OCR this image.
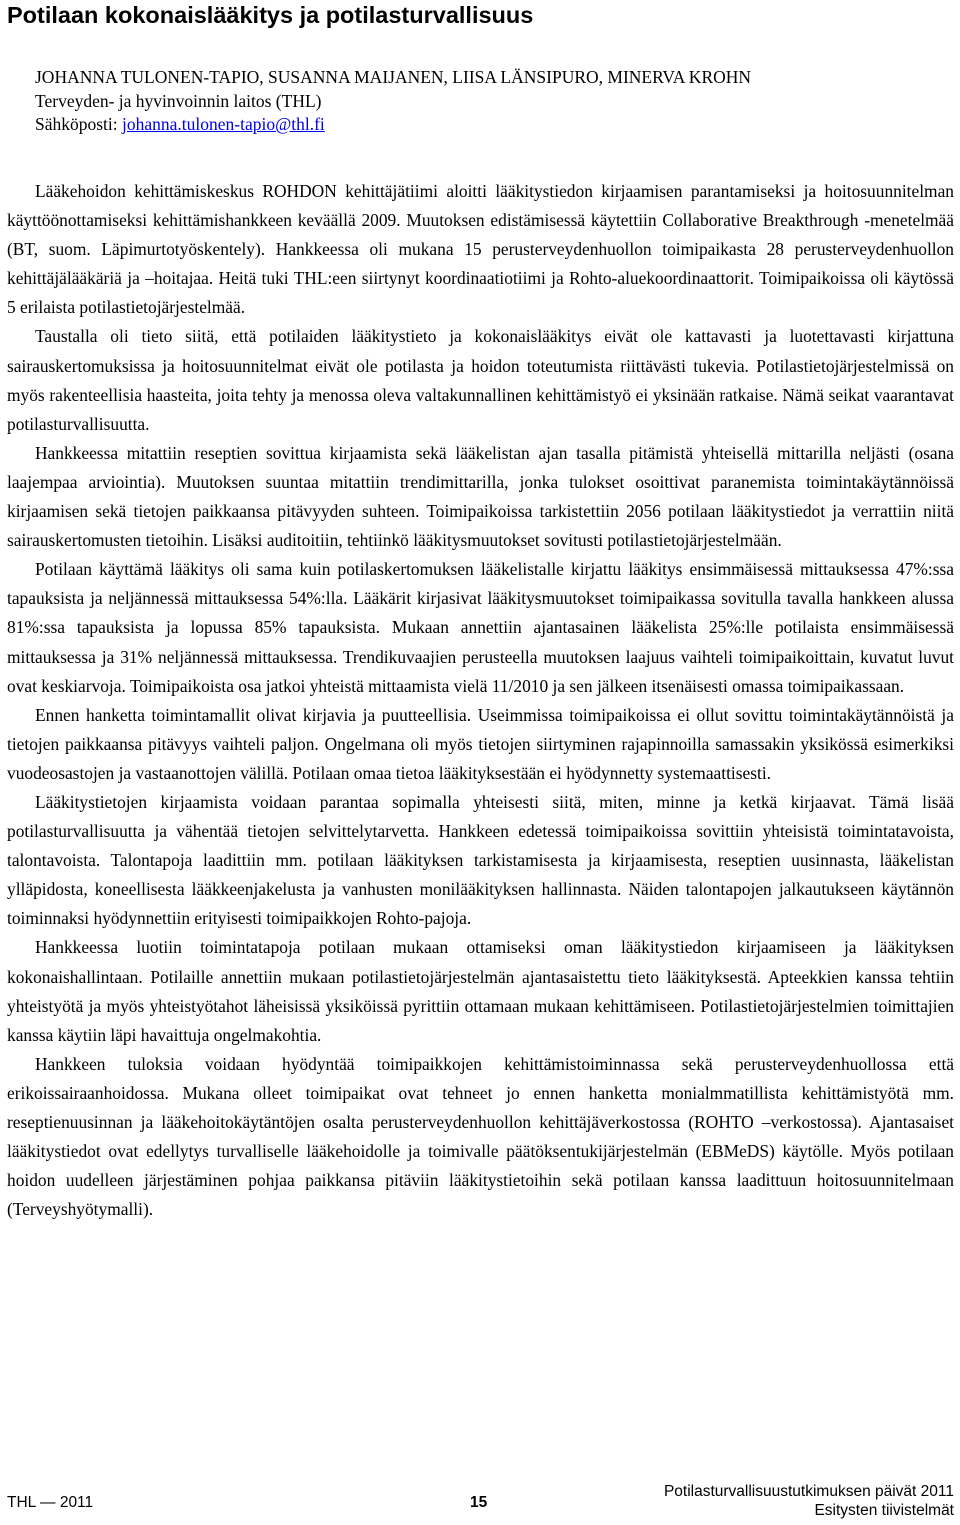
Potilaan kokonaislääkitys ja potilasturvallisuus
JOHANNA TULONEN-TAPIO, SUSANNA MAIJANEN, LIISA LÄNSIPURO, MINERVA KROHN
Terveyden- ja hyvinvoinnin laitos (THL)
Sähköposti: johanna.tulonen-tapio@thl.fi

Lääkehoidon kehittämiskeskus ROHDON kehittäjätiimi aloitti lääkitystiedon kirjaamisen parantamiseksi ja hoitosuunnitelman käyttöönottamiseksi kehittämishankkeen keväällä 2009. Muutoksen edistämisessä käytettiin Collaborative Breakthrough -menetelmää (BT, suom. Läpimurtotyöskentely). Hankkeessa oli mukana 15 perusterveydenhuollon toimipaikasta 28 perusterveydenhuollon kehittäjälääkäriä ja –hoitajaa. Heitä tuki THL:een siirtynyt koordinaatiotiimi ja Rohto-aluekoordinaattorit. Toimipaikoissa oli käytössä 5 erilaista potilastietojärjestelmää.

Taustalla oli tieto siitä, että potilaiden lääkitystieto ja kokonaislääkitys eivät ole kattavasti ja luotettavasti kirjattuna sairauskertomuksissa ja hoitosuunnitelmat eivät ole potilasta ja hoidon toteutumista riittävästi tukevia. Potilastietojärjestelmissä on myös rakenteellisia haasteita, joita tehty ja menossa oleva valtakunnallinen kehittämistyö ei yksinään ratkaise. Nämä seikat vaarantavat potilasturvallisuutta.

Hankkeessa mitattiin reseptien sovittua kirjaamista sekä lääkelistan ajan tasalla pitämistä yhteisellä mittarilla neljästi (osana laajempaa arviointia). Muutoksen suuntaa mitattiin trendimittarilla, jonka tulokset osoittivat paranemista toimintakäytännöissä kirjaamisen sekä tietojen paikkaansa pitävyyden suhteen. Toimipaikoissa tarkistettiin 2056 potilaan lääkitystiedot ja verrattiin niitä sairauskertomusten tietoihin. Lisäksi auditoitiin, tehtiinkö lääkitysmuutokset sovitusti potilastietojärjestelmään.

Potilaan käyttämä lääkitys oli sama kuin potilaskertomuksen lääkelistalle kirjattu lääkitys ensimmäisessä mittauksessa 47%:ssa tapauksista ja neljännessä mittauksessa 54%:lla. Lääkärit kirjasivat lääkitysmuutokset toimipaikassa sovitulla tavalla hankkeen alussa 81%:ssa tapauksista ja lopussa 85% tapauksista. Mukaan annettiin ajantasainen lääkelista 25%:lle potilaista ensimmäisessä mittauksessa ja 31% neljännessä mittauksessa. Trendikuvaajien perusteella muutoksen laajuus vaihteli toimipaikoittain, kuvatut luvut ovat keskiarvoja. Toimipaikoista osa jatkoi yhteistä mittaamista vielä 11/2010 ja sen jälkeen itsenäisesti omassa toimipaikassaan.

Ennen hanketta toimintamallit olivat kirjavia ja puutteellisia. Useimmissa toimipaikoissa ei ollut sovittu toimintakäytännöistä ja tietojen paikkaansa pitävyys vaihteli paljon. Ongelmana oli myös tietojen siirtyminen rajapinnoilla samassakin yksikössä esimerkiksi vuodeosastojen ja vastaanottojen välillä. Potilaan omaa tietoa lääkityksestään ei hyödynnetty systemaattisesti.

Lääkitystietojen kirjaamista voidaan parantaa sopimalla yhteisesti siitä, miten, minne ja ketkä kirjaavat. Tämä lisää potilasturvallisuutta ja vähentää tietojen selvittelytarvetta. Hankkeen edetessä toimipaikoissa sovittiin yhteisistä toimintatavoista, talontavoista. Talontapoja laadittiin mm. potilaan lääkityksen tarkistamisesta ja kirjaamisesta, reseptien uusinnasta, lääkelistan ylläpidosta, koneellisesta lääkkeenjakelusta ja vanhusten monilääkityksen hallinnasta. Näiden talontapojen jalkautukseen käytännön toiminnaksi hyödynnettiin erityisesti toimipaikkojen Rohto-pajoja.

Hankkeessa luotiin toimintatapoja potilaan mukaan ottamiseksi oman lääkitystiedon kirjaamiseen ja lääkityksen kokonaishallintaan. Potilaille annettiin mukaan potilastietojärjestelmän ajantasaistettu tieto lääkityksestä. Apteekkien kanssa tehtiin yhteistyötä ja myös yhteistyötahot läheisissä yksiköissä pyrittiin ottamaan mukaan kehittämiseen. Potilastietojärjestelmien toimittajien kanssa käytiin läpi havaittuja ongelmakohtia.

Hankkeen tuloksia voidaan hyödyntää toimipaikkojen kehittämistoiminnassa sekä perusterveydenhuollossa että erikoissairaanhoidossa. Mukana olleet toimipaikat ovat tehneet jo ennen hanketta monialmmatillista kehittämistyötä mm. reseptienuusinnan ja lääkehoitokäytäntöjen osalta perusterveydenhuollon kehittäjäverkostossa (ROHTO –verkostossa). Ajantasaiset lääkitystiedot ovat edellytys turvalliselle lääkehoidolle ja toimivalle päätöksentukijärjestelmän (EBMeDS) käytölle. Myös potilaan hoidon uudelleen järjestäminen pohjaa paikkansa pitäviin lääkitystietoihin sekä potilaan kanssa laadittuun hoitosuunnitelmaan (Terveyshyötymalli).

THL — 2011	15
Potilasturvallisuustutkimuksen päivät 2011
Esitysten tiivistelmät
